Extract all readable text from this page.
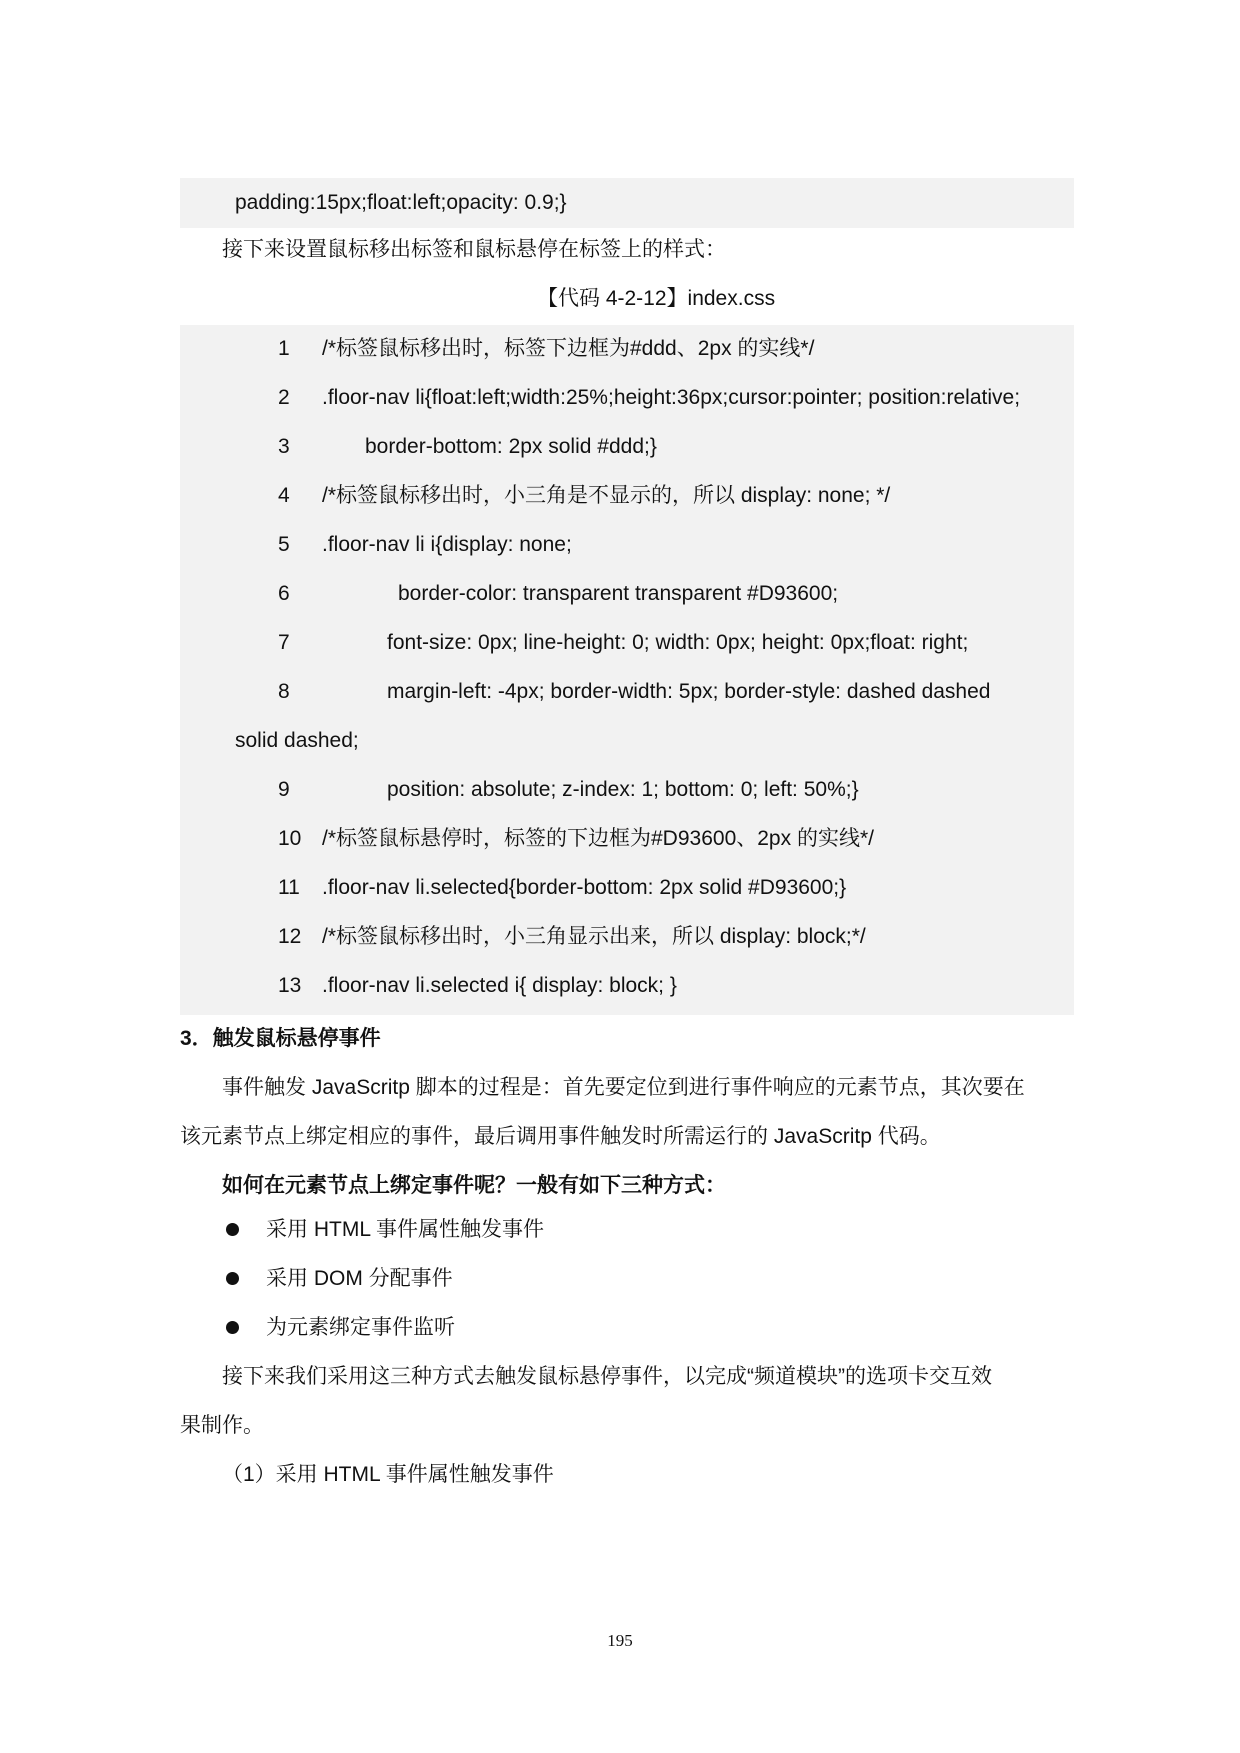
padding:15px;float:left;opacity: 0.9;}
接下来设置鼠标移出标签和鼠标悬停在标签上的样式：
【代码 4-2-12】index.css
1 /*标签鼠标移出时，标签下边框为#ddd、2px 的实线*/
2 .floor-nav li{float:left;width:25%;height:36px;cursor:pointer; position:relative;
3	border-bottom: 2px solid #ddd;}
4 /*标签鼠标移出时，小三角是不显示的，所以 display: none; */
5 .floor-nav li i{display: none;
6	border-color: transparent transparent #D93600;
7	font-size: 0px; line-height: 0; width: 0px; height: 0px;float: right;
8	margin-left: -4px; border-width: 5px; border-style: dashed dashed
solid dashed;
9	position: absolute; z-index: 1; bottom: 0; left: 50%;}
10 /*标签鼠标悬停时，标签的下边框为#D93600、2px 的实线*/
11 .floor-nav li.selected{border-bottom: 2px solid #D93600;}
12 /*标签鼠标移出时，小三角显示出来，所以 display: block;*/
13 .floor-nav li.selected i{ display: block; }
3．触发鼠标悬停事件
事件触发 JavaScritp 脚本的过程是：首先要定位到进行事件响应的元素节点，其次要在
该元素节点上绑定相应的事件，最后调用事件触发时所需运行的 JavaScritp 代码。
如何在元素节点上绑定事件呢？一般有如下三种方式：
采用 HTML 事件属性触发事件
采用 DOM 分配事件
为元素绑定事件监听
接下来我们采用这三种方式去触发鼠标悬停事件，以完成“频道模块”的选项卡交互效
果制作。
（1）采用 HTML 事件属性触发事件
195
